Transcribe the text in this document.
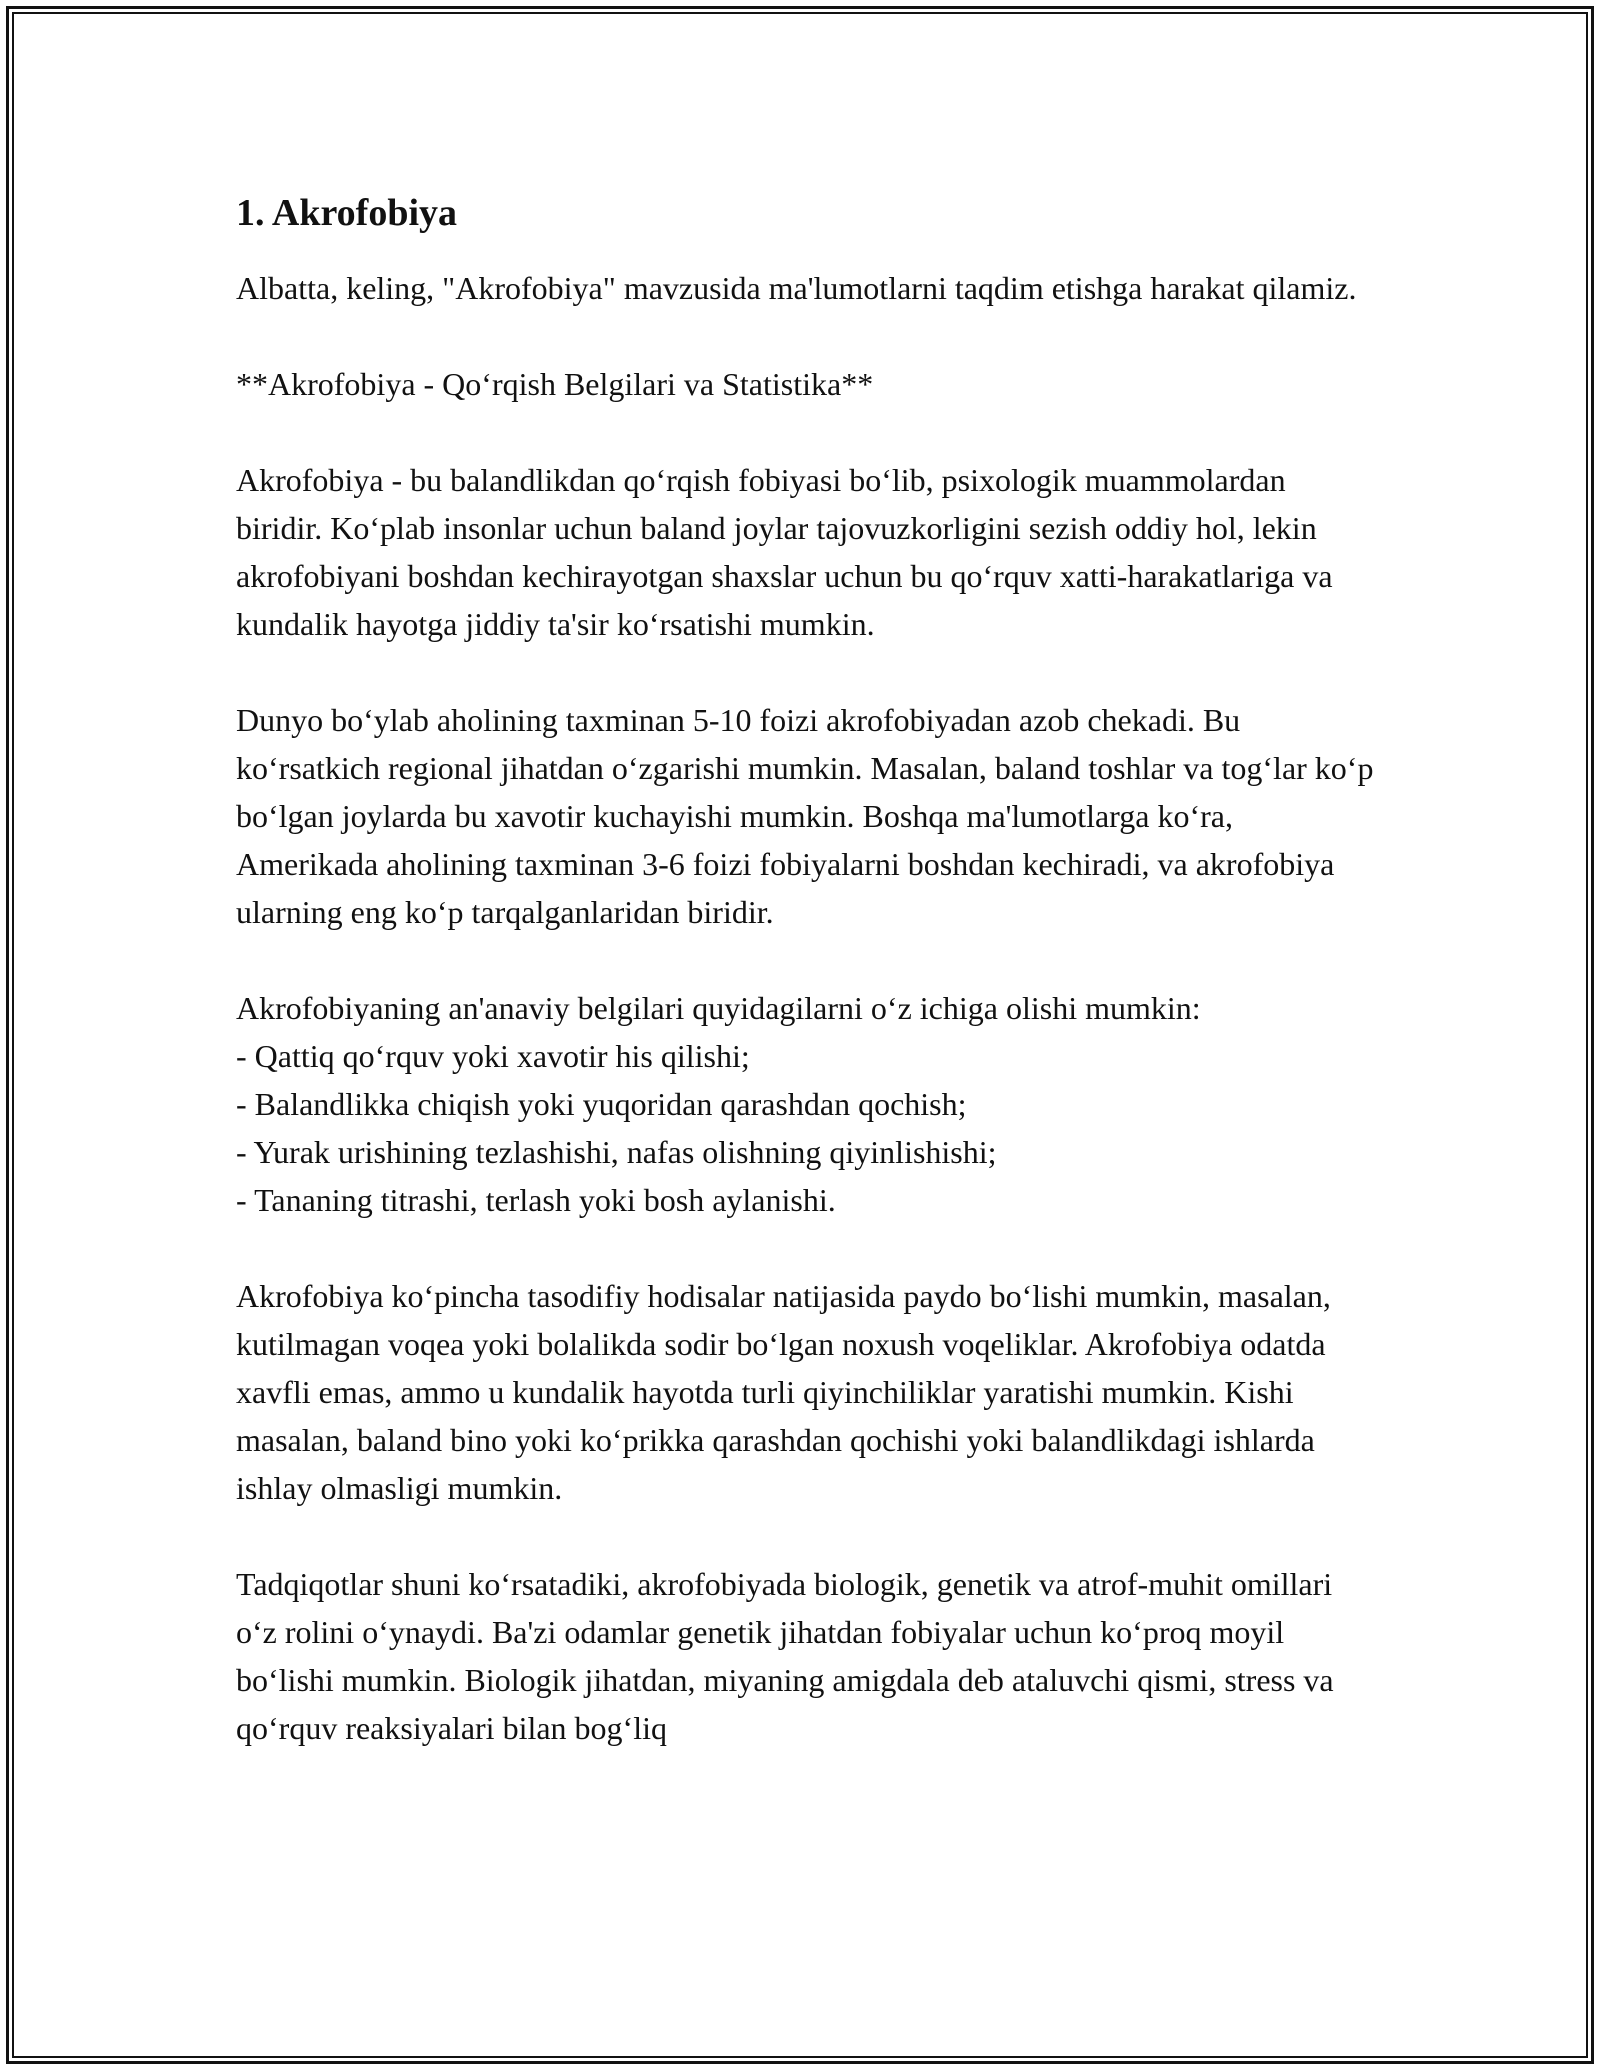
1. Akrofobiya

Albatta, keling, "Akrofobiya" mavzusida ma'lumotlarni taqdim etishga harakat qilamiz.

**Akrofobiya - Qo‘rqish Belgilari va Statistika**

Akrofobiya - bu balandlikdan qo‘rqish fobiyasi bo‘lib, psixologik muammolardan biridir. Ko‘plab insonlar uchun baland joylar tajovuzkorligini sezish oddiy hol, lekin akrofobiyani boshdan kechirayotgan shaxslar uchun bu qo‘rquv xatti-harakatlariga va kundalik hayotga jiddiy ta'sir ko‘rsatishi mumkin.

Dunyo bo‘ylab aholining taxminan 5-10 foizi akrofobiyadan azob chekadi. Bu ko‘rsatkich regional jihatdan o‘zgarishi mumkin. Masalan, baland toshlar va tog‘lar ko‘p bo‘lgan joylarda bu xavotir kuchayishi mumkin. Boshqa ma'lumotlarga ko‘ra, Amerikada aholining taxminan 3-6 foizi fobiyalarni boshdan kechiradi, va akrofobiya ularning eng ko‘p tarqalganlaridan biridir.

Akrofobiyaning an'anaviy belgilari quyidagilarni o‘z ichiga olishi mumkin:
- Qattiq qo‘rquv yoki xavotir his qilishi;
- Balandlikka chiqish yoki yuqoridan qarashdan qochish;
- Yurak urishining tezlashishi, nafas olishning qiyinlishishi;
- Tananing titrashi, terlash yoki bosh aylanishi.

Akrofobiya ko‘pincha tasodifiy hodisalar natijasida paydo bo‘lishi mumkin, masalan, kutilmagan voqea yoki bolalikda sodir bo‘lgan noxush voqeliklar. Akrofobiya odatda xavfli emas, ammo u kundalik hayotda turli qiyinchiliklar yaratishi mumkin. Kishi masalan, baland bino yoki ko‘prikka qarashdan qochishi yoki balandlikdagi ishlarda ishlay olmasligi mumkin.

Tadqiqotlar shuni ko‘rsatadiki, akrofobiyada biologik, genetik va atrof-muhit omillari o‘z rolini o‘ynaydi. Ba'zi odamlar genetik jihatdan fobiyalar uchun ko‘proq moyil bo‘lishi mumkin. Biologik jihatdan, miyaning amigdala deb ataluvchi qismi, stress va qo‘rquv reaksiyalari bilan bog‘liq
